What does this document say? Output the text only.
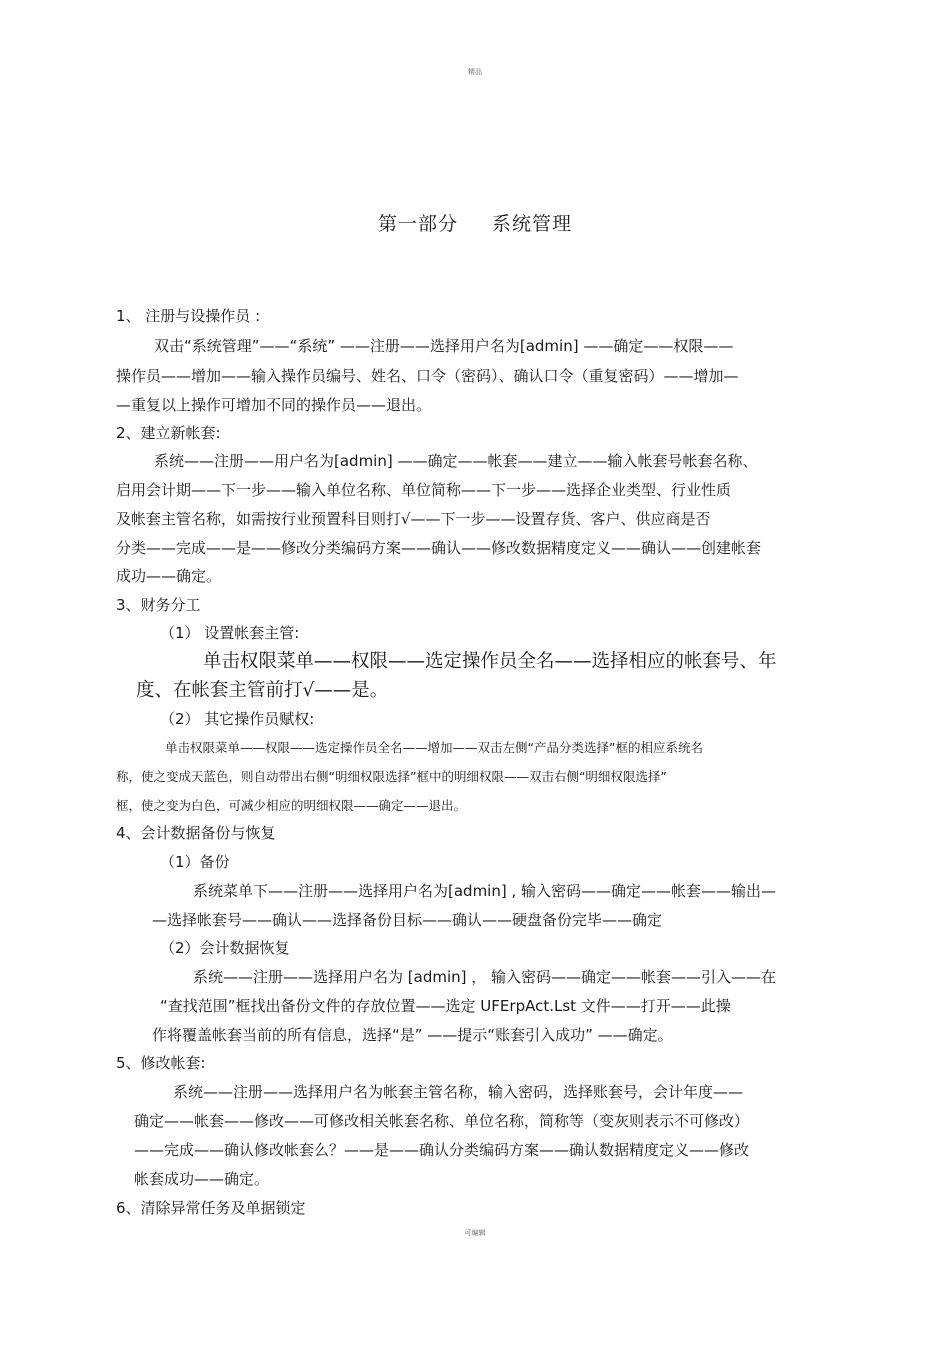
精品
第一部分 系统管理
1、 注册与设操作员 :
双击“系统管理”——“系统” ——注册——选择用户名为[admin] ——确定——权限——
操作员——增加——输入操作员编号、姓名、口令（密码）、确认口令（重复密码）——增加—
—重复以上操作可增加不同的操作员——退出。
2、建立新帐套:
系统——注册——用户名为[admin] ——确定——帐套——建立——输入帐套号帐套名称、
启用会计期——下一步——输入单位名称、单位简称——下一步——选择企业类型、行业性质
及帐套主管名称，如需按行业预置科目则打√——下一步——设置存货、客户、供应商是否
分类——完成——是——修改分类编码方案——确认——修改数据精度定义——确认——创建帐套
成功——确定。
3、财务分工
（1） 设置帐套主管:
单击权限菜单——权限——选定操作员全名——选择相应的帐套号、年
度、在帐套主管前打√——是。
（2） 其它操作员赋权:
单击权限菜单——权限——选定操作员全名——增加——双击左侧“产品分类选择”框的相应系统名
称，使之变成天蓝色，则自动带出右侧“明细权限选择”框中的明细权限——双击右侧“明细权限选择”
框，使之变为白色，可减少相应的明细权限——确定——退出。
4、会计数据备份与恢复
（1）备份
系统菜单下——注册——选择用户名为[admin] , 输入密码——确定——帐套——输出—
—选择帐套号——确认——选择备份目标——确认——硬盘备份完毕——确定
（2）会计数据恢复
系统——注册——选择用户名为 [admin] ， 输入密码——确定——帐套——引入——在
“查找范围”框找出备份文件的存放位置——选定 UFErpAct.Lst 文件——打开——此操
作将覆盖帐套当前的所有信息，选择“是” ——提示“账套引入成功” ——确定。
5、修改帐套:
系统——注册——选择用户名为帐套主管名称，输入密码，选择账套号，会计年度——
确定——帐套——修改——可修改相关帐套名称、单位名称，简称等（变灰则表示不可修改）
——完成——确认修改帐套么？——是——确认分类编码方案——确认数据精度定义——修改
帐套成功——确定。
6、清除异常任务及单据锁定
可编辑
